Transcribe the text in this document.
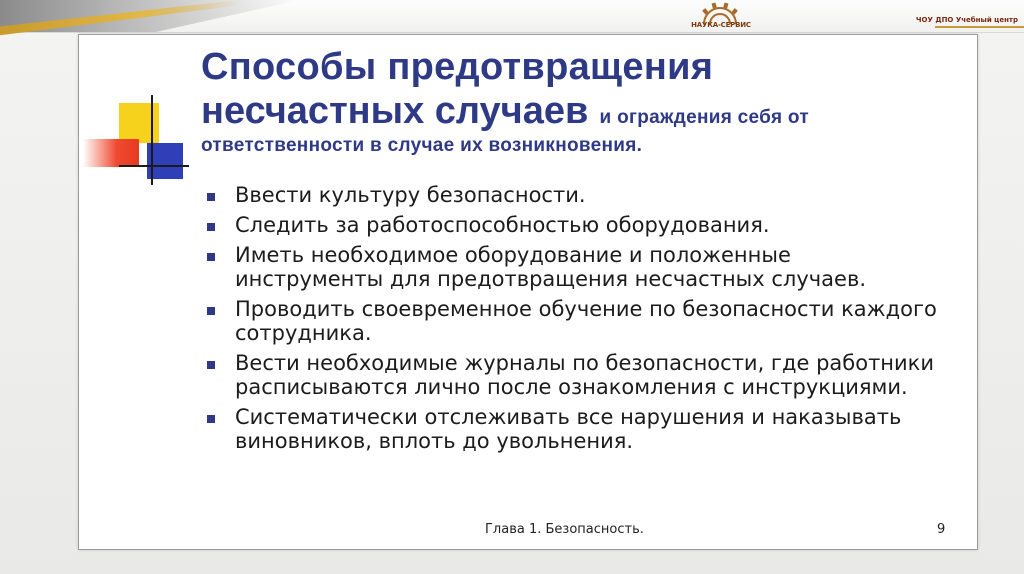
НАУКА-СЕРВИС
ЧОУ ДПО Учебный центр
Способы предотвращения
несчастных случаев и ограждения себя от
ответственности в случае их возникновения.
Ввести культуру безопасности.
Следить за работоспособностью оборудования.
Иметь необходимое оборудование и положенные инструменты для предотвращения несчастных случаев.
Проводить своевременное обучение по безопасности каждого сотрудника.
Вести необходимые журналы по безопасности, где работники расписываются лично после ознакомления с инструкциями.
Систематически отслеживать все нарушения и наказывать виновников, вплоть до увольнения.
Глава 1. Безопасность.	9
